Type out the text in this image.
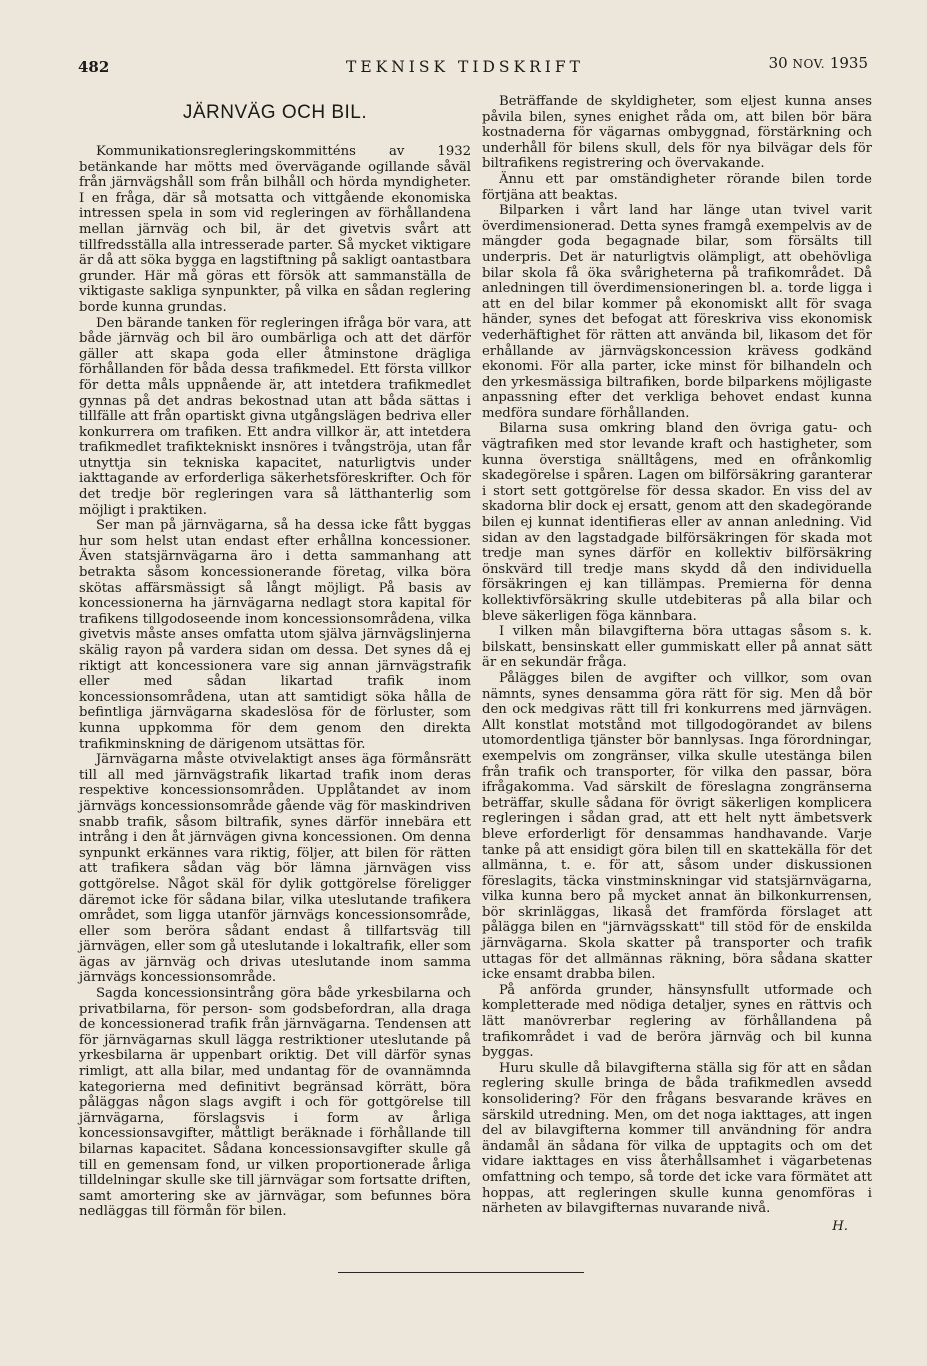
482	TEKNISK TIDSKRIFT	30 NOV. 1935
JÄRNVÄG OCH BIL.

Kommunikationsregleringskommitténs av 1932 betänkande har mötts med övervägande ogillande såväl från järnvägshåll som från bilhåll och hörda myndigheter. I en fråga, där så motsatta och vittgående ekonomiska intressen spela in som vid regleringen av förhållandena mellan järnväg och bil, är det givetvis svårt att tillfredsställa alla intresserade parter. Så mycket viktigare är då att söka bygga en lagstiftning på sakligt oantastbara grunder. Här må göras ett försök att sammanställa de viktigaste sakliga synpunkter, på vilka en sådan reglering borde kunna grundas.

Den bärande tanken för regleringen ifråga bör vara, att både järnväg och bil äro oumbärliga och att det därför gäller att skapa goda eller åtminstone drägliga förhållanden för båda dessa trafikmedel. Ett första villkor för detta måls uppnående är, att intetdera trafikmedlet gynnas på det andras bekostnad utan att båda sättas i tillfälle att från opartiskt givna utgångslägen bedriva eller konkurrera om trafiken. Ett andra villkor är, att intetdera trafikmedlet trafiktekniskt insnöres i tvångströja, utan får utnyttja sin tekniska kapacitet, naturligtvis under iakttagande av erforderliga säkerhetsföreskrifter. Och för det tredje bör regleringen vara så lätthanterlig som möjligt i praktiken.

Ser man på järnvägarna, så ha dessa icke fått byggas hur som helst utan endast efter erhållna koncessioner. Även statsjärnvägarna äro i detta sammanhang att betrakta såsom koncessionerande företag, vilka böra skötas affärsmässigt så långt möjligt. På basis av koncessionerna ha järnvägarna nedlagt stora kapital för trafikens tillgodoseende inom koncessionsområdena, vilka givetvis måste anses omfatta utom själva järnvägslinjerna skälig rayon på vardera sidan om dessa. Det synes då ej riktigt att koncessionera vare sig annan järnvägstrafik eller med sådan likartad trafik inom koncessionsområdena, utan att samtidigt söka hålla de befintliga järnvägarna skadeslösa för de förluster, som kunna uppkomma för dem genom den direkta trafikminskning de därigenom utsättas för.

Järnvägarna måste otvivelaktigt anses äga förmånsrätt till all med järnvägstrafik likartad trafik inom deras respektive koncessionsområden. Upplåtandet av inom järnvägs koncessionsområde gående väg för maskindriven snabb trafik, såsom biltrafik, synes därför innebära ett intrång i den åt järnvägen givna koncessionen. Om denna synpunkt erkännes vara riktig, följer, att bilen för rätten att trafikera sådan väg bör lämna järnvägen viss gottgörelse. Något skäl för dylik gottgörelse föreligger däremot icke för sådana bilar, vilka uteslutande trafikera området, som ligga utanför järnvägs koncessionsområde, eller som beröra sådant endast å tillfartsväg till järnvägen, eller som gå uteslutande i lokaltrafik, eller som ägas av järnväg och drivas uteslutande inom samma järnvägs koncessionsområde.

Sagda koncessionsintrång göra både yrkesbilarna och privatbilarna, för person- som godsbefordran, alla draga de koncessionerad trafik från järnvägarna. Tendensen att för järnvägarnas skull lägga restriktioner uteslutande på yrkesbilarna är uppenbart oriktig. Det vill därför synas rimligt, att alla bilar, med undantag för de ovannämnda kategorierna med definitivt begränsad körrätt, böra påläggas någon slags avgift i och för gottgörelse till järnvägarna, förslagsvis i form av årliga koncessionsavgifter, måttligt beräknade i förhållande till bilarnas kapacitet. Sådana koncessionsavgifter skulle gå till en gemensam fond, ur vilken proportionerade årliga tilldelningar skulle ske till järnvägar som fortsatte driften, samt amortering ske av järnvägar, som befunnes böra nedläggas till förmån för bilen.

Beträffande de skyldigheter, som eljest kunna anses påvila bilen, synes enighet råda om, att bilen bör bära kostnaderna för vägarnas ombyggnad, förstärkning och underhåll för bilens skull, dels för nya bilvägar dels för biltrafikens registrering och övervakande.

Ännu ett par omständigheter rörande bilen torde förtjäna att beaktas.

Bilparken i vårt land har länge utan tvivel varit överdimensionerad. Detta synes framgå exempelvis av de mängder goda begagnade bilar, som försälts till underpris. Det är naturligtvis olämpligt, att obehövliga bilar skola få öka svårigheterna på trafikområdet. Då anledningen till överdimensioneringen bl. a. torde ligga i att en del bilar kommer på ekonomiskt allt för svaga händer, synes det befogat att föreskriva viss ekonomisk vederhäftighet för rätten att använda bil, likasom det för erhållande av järnvägskoncession krävess godkänd ekonomi. För alla parter, icke minst för bilhandeln och den yrkesmässiga biltrafiken, borde bilparkens möjligaste anpassning efter det verkliga behovet endast kunna medföra sundare förhållanden.

Bilarna susa omkring bland den övriga gatu- och vägtrafiken med stor levande kraft och hastigheter, som kunna överstiga snälltågens, med en ofrånkomlig skadegörelse i spåren. Lagen om bilförsäkring garanterar i stort sett gottgörelse för dessa skador. En viss del av skadorna blir dock ej ersatt, genom att den skadegörande bilen ej kunnat identifieras eller av annan anledning. Vid sidan av den lagstadgade bilförsäkringen för skada mot tredje man synes därför en kollektiv bilförsäkring önskvärd till tredje mans skydd då den individuella försäkringen ej kan tillämpas. Premierna för denna kollektivförsäkring skulle utdebiteras på alla bilar och bleve säkerligen föga kännbara.

I vilken mån bilavgifterna böra uttagas såsom s. k. bilskatt, bensinskatt eller gummiskatt eller på annat sätt är en sekundär fråga.

Pålägges bilen de avgifter och villkor, som ovan nämnts, synes densamma göra rätt för sig. Men då bör den ock medgivas rätt till fri konkurrens med järnvägen. Allt konstlat motstånd mot tillgodogörandet av bilens utomordentliga tjänster bör bannlysas. Inga förordningar, exempelvis om zongränser, vilka skulle utestänga bilen från trafik och transporter, för vilka den passar, böra ifrågakomma. Vad särskilt de föreslagna zongränserna beträffar, skulle sådana för övrigt säkerligen komplicera regleringen i sådan grad, att ett helt nytt ämbetsverk bleve erforderligt för densammas handhavande. Varje tanke på att ensidigt göra bilen till en skattekälla för det allmänna, t. e. för att, såsom under diskussionen föreslagits, täcka vinstminskningar vid statsjärnvägarna, vilka kunna bero på mycket annat än bilkonkurrensen, bör skrinläggas, likaså det framförda förslaget att pålägga bilen en "järnvägsskatt" till stöd för de enskilda järnvägarna. Skola skatter på transporter och trafik uttagas för det allmännas räkning, böra sådana skatter icke ensamt drabba bilen.

På anförda grunder, hänsynsfullt utformade och kompletterade med nödiga detaljer, synes en rättvis och lätt manövrerbar reglering av förhållandena på trafikområdet i vad de beröra järnväg och bil kunna byggas.

Huru skulle då bilavgifterna ställa sig för att en sådan reglering skulle bringa de båda trafikmedlen avsedd konsolidering? För den frågans besvarande kräves en särskild utredning. Men, om det noga iakttages, att ingen del av bilavgifterna kommer till användning för andra ändamål än sådana för vilka de upptagits och om det vidare iakttages en viss återhållsamhet i vägarbetenas omfattning och tempo, så torde det icke vara förmätet att hoppas, att regleringen skulle kunna genomföras i närheten av bilavgifternas nuvarande nivå.

H.
